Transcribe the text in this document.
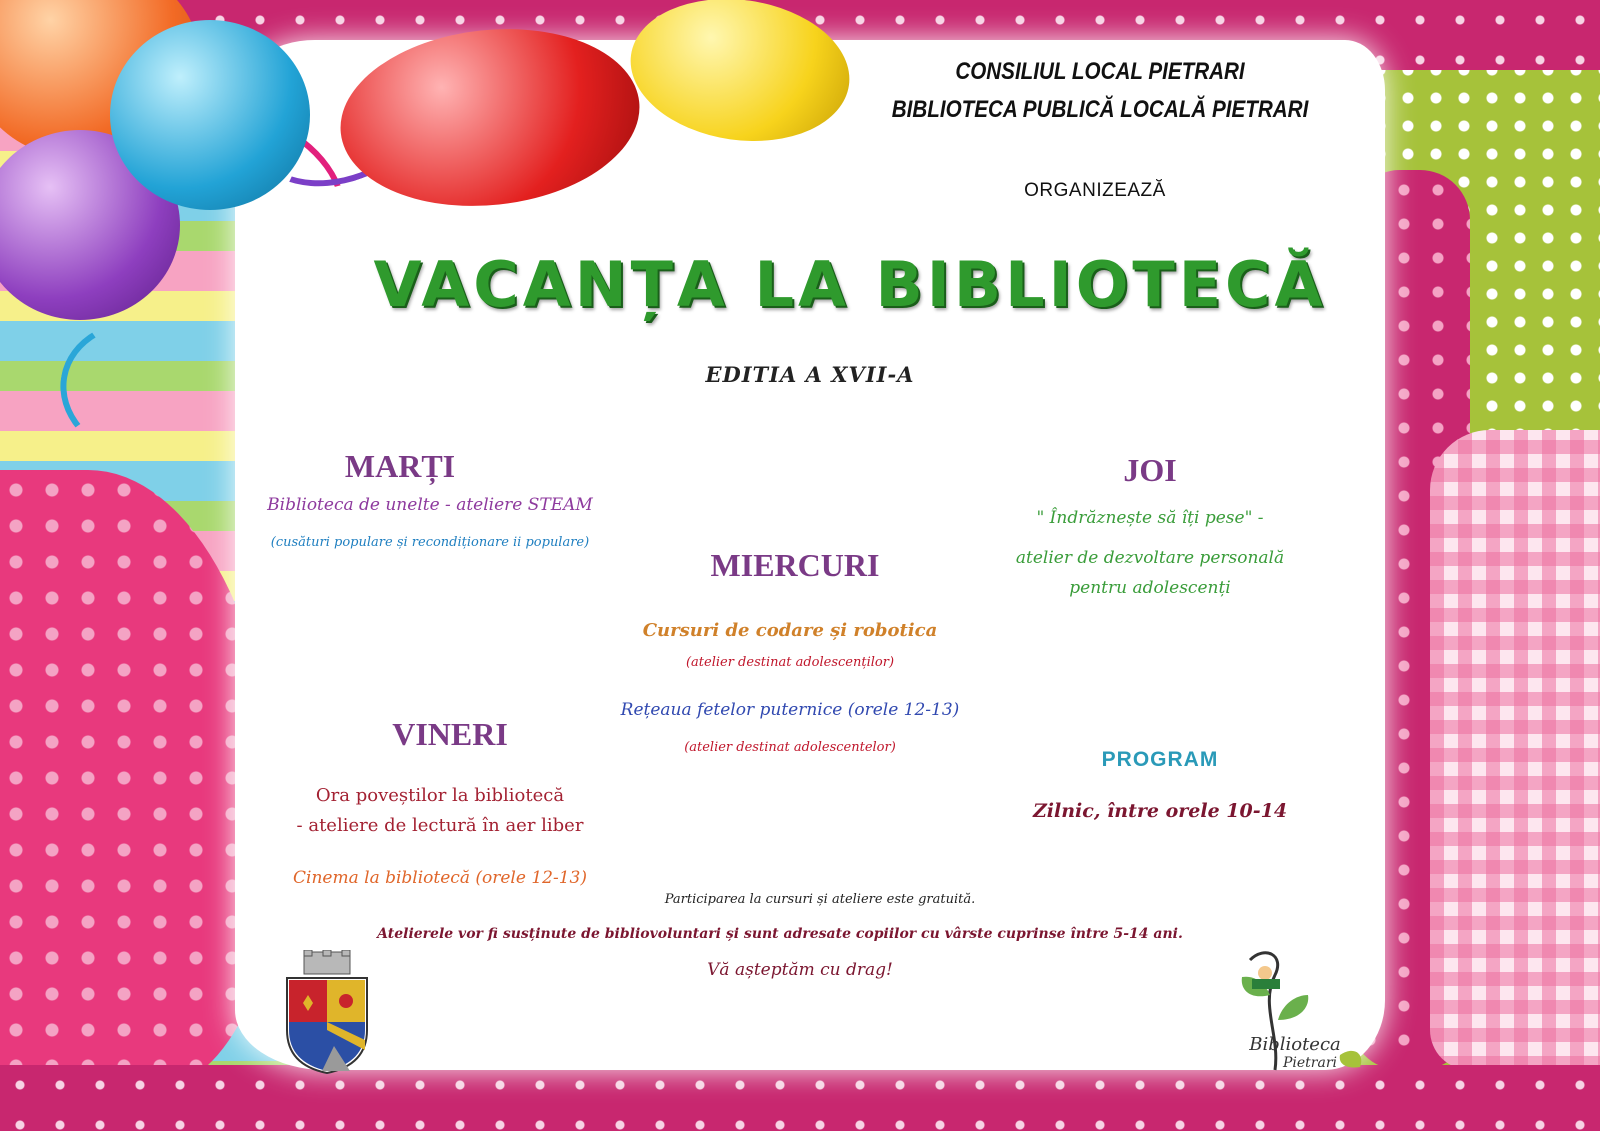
CONSILIUL LOCAL PIETRARI

BIBLIOTECA PUBLICĂ LOCALĂ PIETRARI

ORGANIZEAZĂ

VACANȚA LA BIBLIOTECĂ

EDITIA A XVII-A

MARȚI

Biblioteca de unelte - ateliere STEAM

(cusături populare și recondiționare ii populare)

MIERCURI

Cursuri de codare și robotica

(atelier destinat adolescenților)

Rețeaua fetelor puternice (orele 12-13)

(atelier destinat adolescentelor)

JOI

" Îndrăznește să îți pese" -

atelier de dezvoltare personală

pentru adolescenți

VINERI

Ora poveștilor la bibliotecă

- ateliere de lectură în aer liber

Cinema la bibliotecă (orele 12-13)

PROGRAM

Zilnic, între orele 10-14

Participarea la cursuri și ateliere este gratuită.

Atelierele vor fi susținute de bibliovoluntari și sunt adresate copiilor cu vârste cuprinse între 5-14 ani.

Vă așteptăm cu drag!

Biblioteca
Pietrari
